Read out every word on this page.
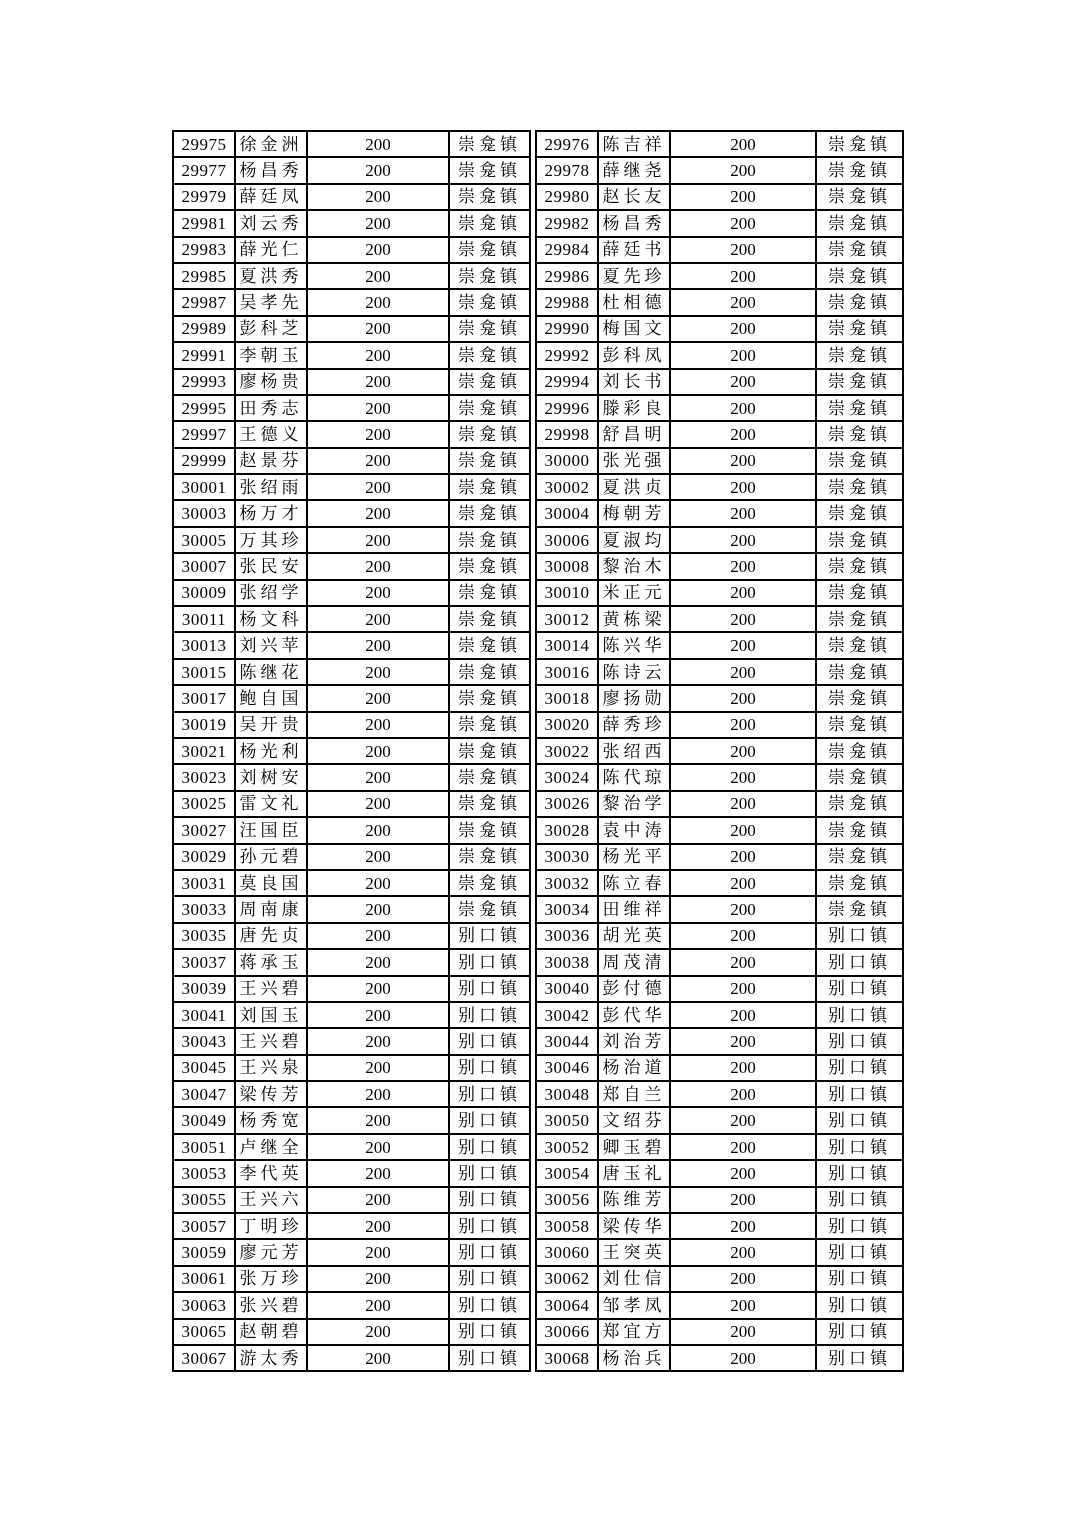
29975	徐金洲	200	崇龛镇
29977	杨昌秀	200	崇龛镇
29979	薛廷凤	200	崇龛镇
29981	刘云秀	200	崇龛镇
29983	薛光仁	200	崇龛镇
29985	夏洪秀	200	崇龛镇
29987	吴孝先	200	崇龛镇
29989	彭科芝	200	崇龛镇
29991	李朝玉	200	崇龛镇
29993	廖杨贵	200	崇龛镇
29995	田秀志	200	崇龛镇
29997	王德义	200	崇龛镇
29999	赵景芬	200	崇龛镇
30001	张绍雨	200	崇龛镇
30003	杨万才	200	崇龛镇
30005	万其珍	200	崇龛镇
30007	张民安	200	崇龛镇
30009	张绍学	200	崇龛镇
30011	杨文科	200	崇龛镇
30013	刘兴苹	200	崇龛镇
30015	陈继花	200	崇龛镇
30017	鲍自国	200	崇龛镇
30019	吴开贵	200	崇龛镇
30021	杨光利	200	崇龛镇
30023	刘树安	200	崇龛镇
30025	雷文礼	200	崇龛镇
30027	汪国臣	200	崇龛镇
30029	孙元碧	200	崇龛镇
30031	莫良国	200	崇龛镇
30033	周南康	200	崇龛镇
30035	唐先贞	200	别口镇
30037	蒋承玉	200	别口镇
30039	王兴碧	200	别口镇
30041	刘国玉	200	别口镇
30043	王兴碧	200	别口镇
30045	王兴泉	200	别口镇
30047	梁传芳	200	别口镇
30049	杨秀宽	200	别口镇
30051	卢继全	200	别口镇
30053	李代英	200	别口镇
30055	王兴六	200	别口镇
30057	丁明珍	200	别口镇
30059	廖元芳	200	别口镇
30061	张万珍	200	别口镇
30063	张兴碧	200	别口镇
30065	赵朝碧	200	别口镇
30067	游太秀	200	别口镇
29976	陈吉祥	200	崇龛镇
29978	薛继尧	200	崇龛镇
29980	赵长友	200	崇龛镇
29982	杨昌秀	200	崇龛镇
29984	薛廷书	200	崇龛镇
29986	夏先珍	200	崇龛镇
29988	杜相德	200	崇龛镇
29990	梅国文	200	崇龛镇
29992	彭科凤	200	崇龛镇
29994	刘长书	200	崇龛镇
29996	滕彩良	200	崇龛镇
29998	舒昌明	200	崇龛镇
30000	张光强	200	崇龛镇
30002	夏洪贞	200	崇龛镇
30004	梅朝芳	200	崇龛镇
30006	夏淑均	200	崇龛镇
30008	黎治木	200	崇龛镇
30010	米正元	200	崇龛镇
30012	黄栋梁	200	崇龛镇
30014	陈兴华	200	崇龛镇
30016	陈诗云	200	崇龛镇
30018	廖扬勋	200	崇龛镇
30020	薛秀珍	200	崇龛镇
30022	张绍西	200	崇龛镇
30024	陈代琼	200	崇龛镇
30026	黎治学	200	崇龛镇
30028	袁中涛	200	崇龛镇
30030	杨光平	200	崇龛镇
30032	陈立春	200	崇龛镇
30034	田维祥	200	崇龛镇
30036	胡光英	200	别口镇
30038	周茂清	200	别口镇
30040	彭付德	200	别口镇
30042	彭代华	200	别口镇
30044	刘治芳	200	别口镇
30046	杨治道	200	别口镇
30048	郑自兰	200	别口镇
30050	文绍芬	200	别口镇
30052	卿玉碧	200	别口镇
30054	唐玉礼	200	别口镇
30056	陈维芳	200	别口镇
30058	梁传华	200	别口镇
30060	王突英	200	别口镇
30062	刘仕信	200	别口镇
30064	邹孝凤	200	别口镇
30066	郑宜方	200	别口镇
30068	杨治兵	200	别口镇
